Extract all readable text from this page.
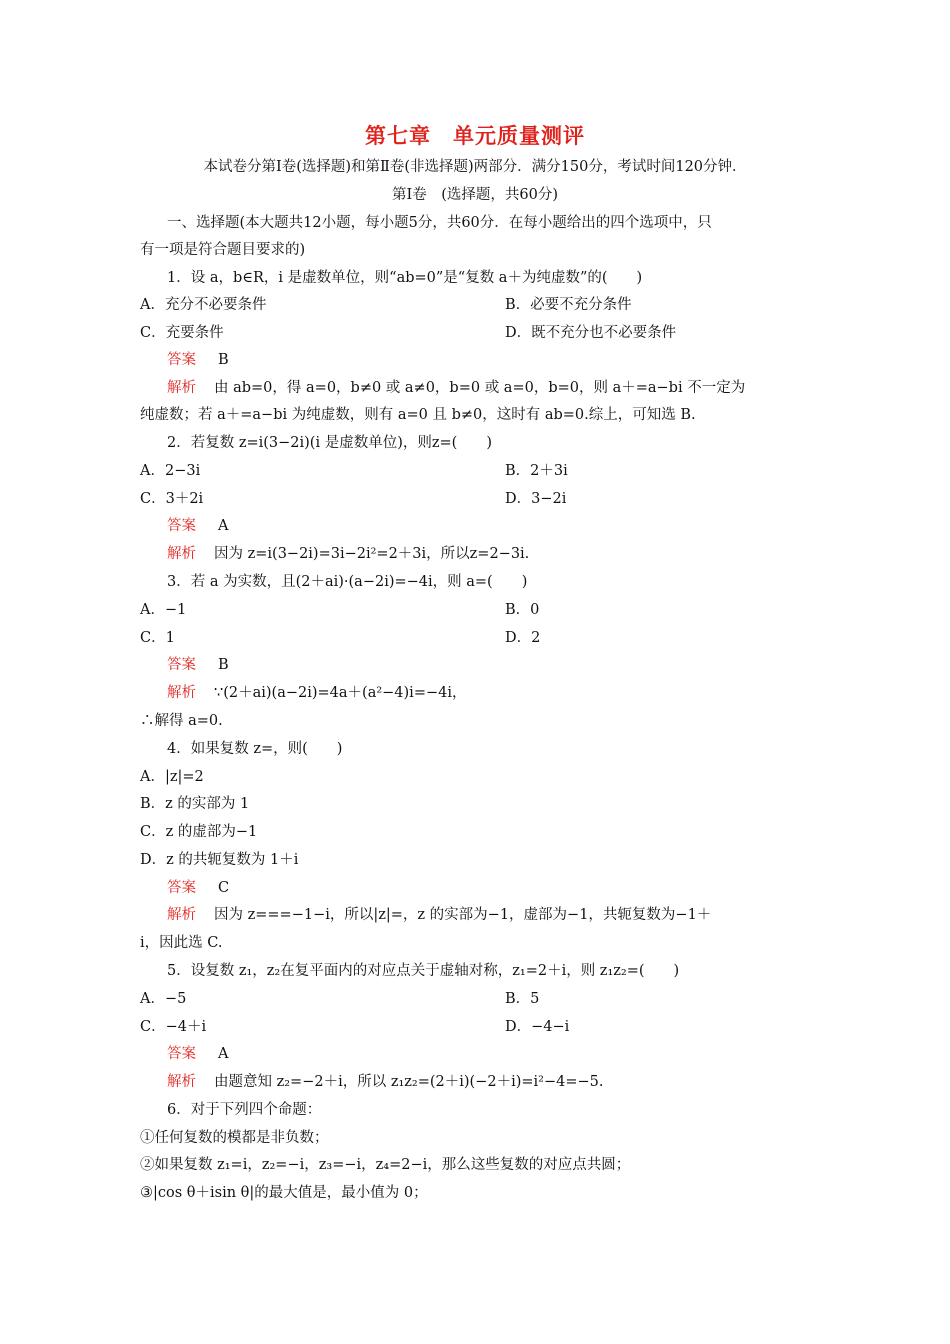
第七章　单元质量测评
本试卷分第Ⅰ卷(选择题)和第Ⅱ卷(非选择题)两部分．满分150分，考试时间120分钟．
第Ⅰ卷　(选择题，共60分)
一、选择题(本大题共12小题，每小题5分，共60分．在每小题给出的四个选项中，只
有一项是符合题目要求的)
1．设 a，b∈R，i 是虚数单位，则“ab=0”是“复数 a＋为纯虚数”的(　　)
A．充分不必要条件	B．必要不充分条件
C．充要条件	D．既不充分也不必要条件
答案 B
解析 由 ab=0，得 a=0，b≠0 或 a≠0，b=0 或 a=0，b=0，则 a＋=a−bi 不一定为
纯虚数；若 a＋=a−bi 为纯虚数，则有 a=0 且 b≠0，这时有 ab=0.综上，可知选 B.
2．若复数 z=i(3−2i)(i 是虚数单位)，则z=(　　)
A．2−3i	B．2＋3i
C．3＋2i	D．3−2i
答案 A
解析 因为 z=i(3−2i)=3i−2i²=2＋3i，所以z=2−3i.
3．若 a 为实数，且(2＋ai)·(a−2i)=−4i，则 a=(　　)
A．−1	B．0
C．1	D．2
答案 B
解析 ∵(2＋ai)(a−2i)=4a＋(a²−4)i=−4i，
∴解得 a=0.
4．如果复数 z=，则(　　)
A．|z|=2
B．z 的实部为 1
C．z 的虚部为−1
D．z 的共轭复数为 1＋i
答案 C
解析 因为 z===−1−i，所以|z|=，z 的实部为−1，虚部为−1，共轭复数为−1＋
i，因此选 C.
5．设复数 z₁，z₂在复平面内的对应点关于虚轴对称，z₁=2＋i，则 z₁z₂=(　　)
A．−5	B．5
C．−4＋i	D．−4−i
答案 A
解析 由题意知 z₂=−2＋i，所以 z₁z₂=(2＋i)(−2＋i)=i²−4=−5.
6．对于下列四个命题：
①任何复数的模都是非负数；
②如果复数 z₁=i，z₂=−i，z₃=−i，z₄=2−i，那么这些复数的对应点共圆；
③|cos θ＋isin θ|的最大值是，最小值为 0；
